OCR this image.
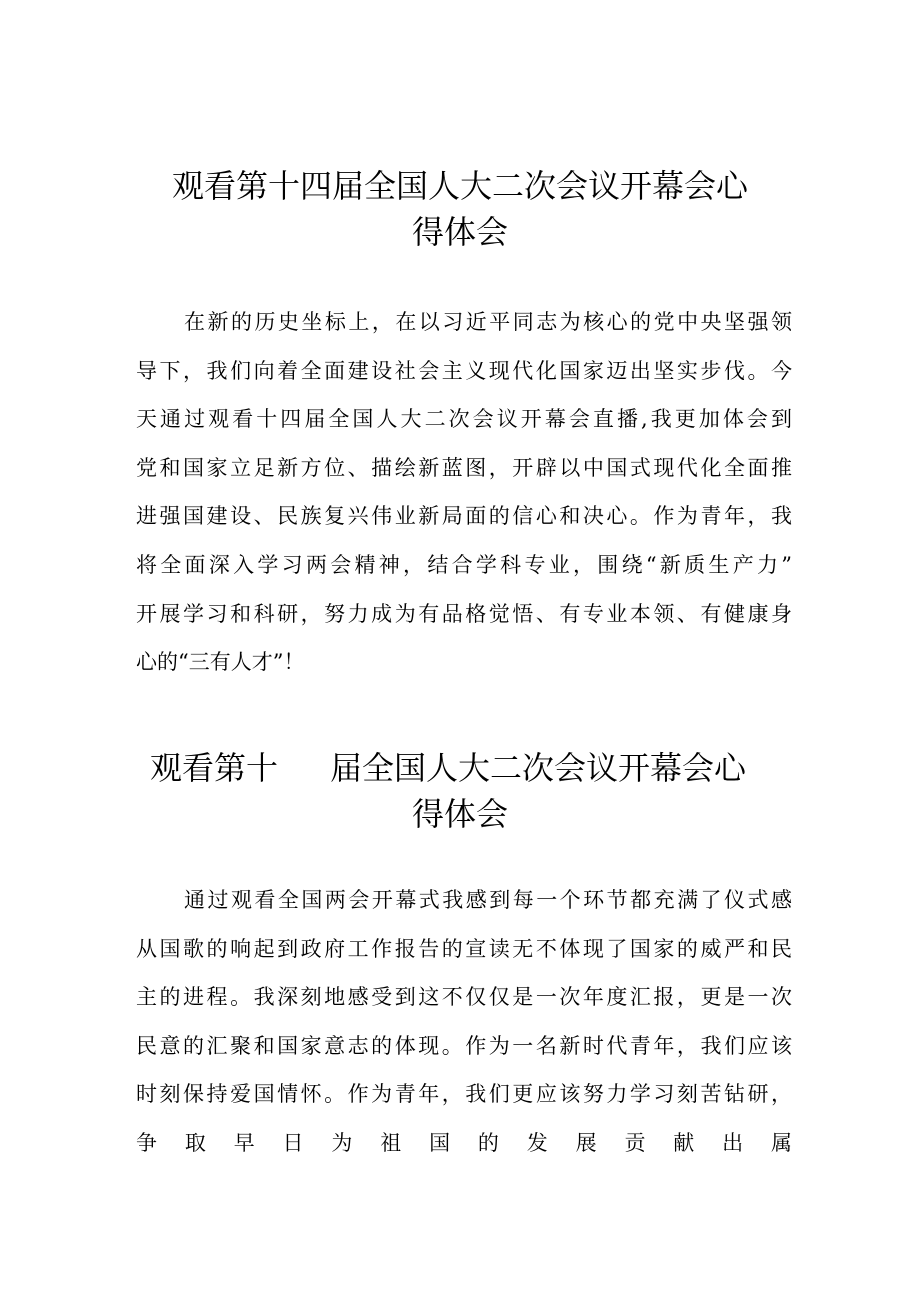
观看第十四届全国人大二次会议开幕会心
得体会
在新的历史坐标上，在以习近平同志为核心的党中央坚强领
导下，我们向着全面建设社会主义现代化国家迈出坚实步伐。今
天通过观看十四届全国人大二次会议开幕会直播,我更加体会到
党和国家立足新方位、描绘新蓝图，开辟以中国式现代化全面推
进强国建设、民族复兴伟业新局面的信心和决心。作为青年，我
将全面深入学习两会精神，结合学科专业，围绕“新质生产力”
开展学习和科研，努力成为有品格觉悟、有专业本领、有健康身
心的“三有人才”！
观看第十 届全国人大二次会议开幕会心
得体会
通过观看全国两会开幕式我感到每一个环节都充满了仪式感
从国歌的响起到政府工作报告的宣读无不体现了国家的威严和民
主的进程。我深刻地感受到这不仅仅是一次年度汇报，更是一次
民意的汇聚和国家意志的体现。作为一名新时代青年，我们应该
时刻保持爱国情怀。作为青年，我们更应该努力学习刻苦钻研，
争取早日为祖国的发展贡献出属
